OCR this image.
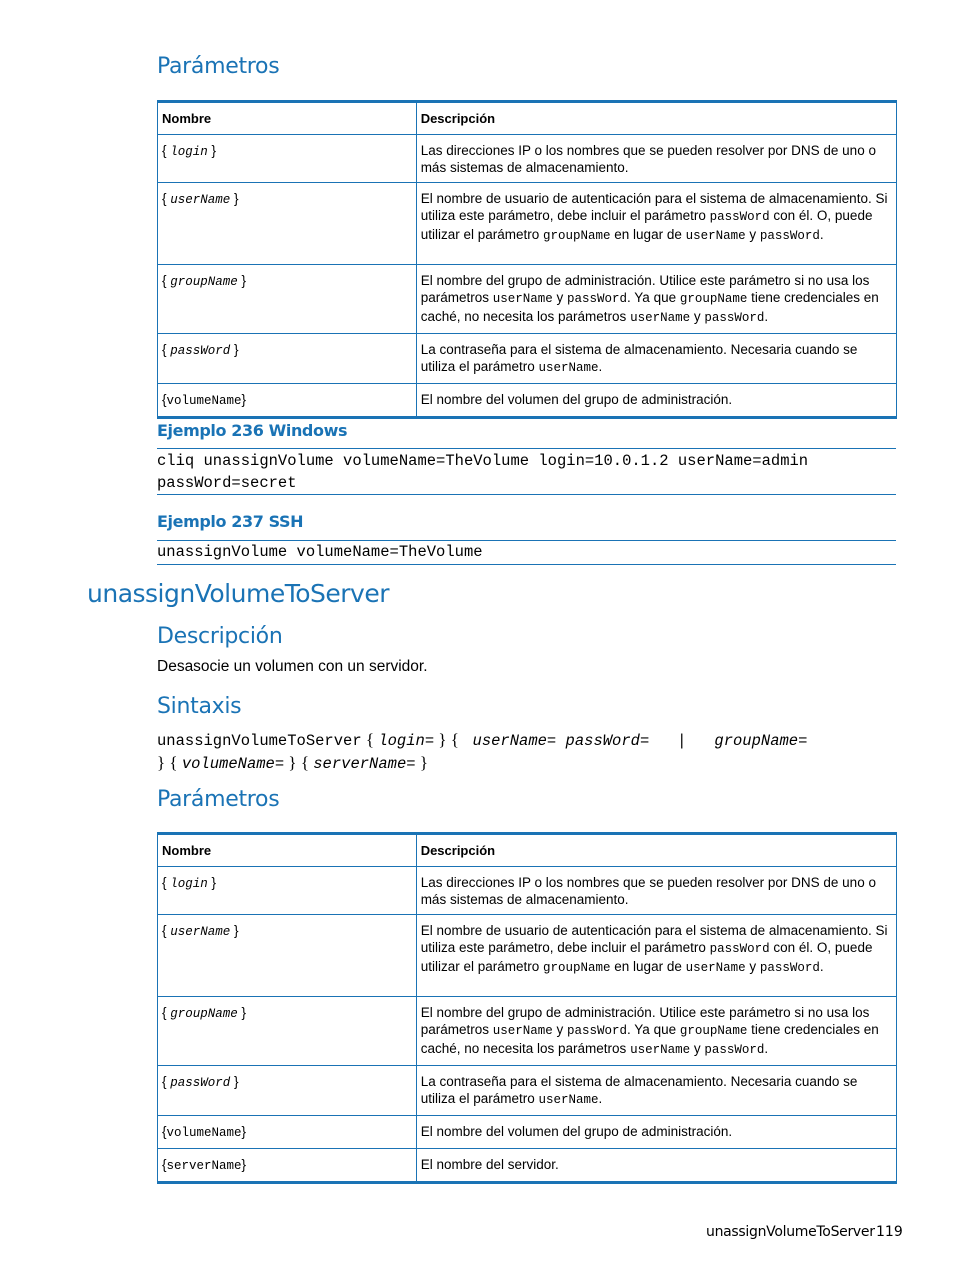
Parámetros
Nombre	Descripción
{ login }	Las direcciones IP o los nombres que se pueden resolver por DNS de uno o más sistemas de almacenamiento.
{ userName }	El nombre de usuario de autenticación para el sistema de almacenamiento. Si utiliza este parámetro, debe incluir el parámetro passWord con él. O, puede utilizar el parámetro groupName en lugar de userName y passWord.
{ groupName }	El nombre del grupo de administración. Utilice este parámetro si no usa los parámetros userName y passWord. Ya que groupName tiene credenciales en caché, no necesita los parámetros userName y passWord.
{ passWord }	La contraseña para el sistema de almacenamiento. Necesaria cuando se utiliza el parámetro userName.
{volumeName}	El nombre del volumen del grupo de administración.
Ejemplo 236 Windows
cliq unassignVolume volumeName=TheVolume login=10.0.1.2 userName=admin
passWord=secret
Ejemplo 237 SSH
unassignVolume volumeName=TheVolume
unassignVolumeToServer
Descripción
Desasocie un volumen con un servidor.
Sintaxis
unassignVolumeToServer { login= } {  userName= passWord= | groupName=
} { volumeName= } { serverName= }
Parámetros
Nombre	Descripción
{ login }	Las direcciones IP o los nombres que se pueden resolver por DNS de uno o más sistemas de almacenamiento.
{ userName }	El nombre de usuario de autenticación para el sistema de almacenamiento. Si utiliza este parámetro, debe incluir el parámetro passWord con él. O, puede utilizar el parámetro groupName en lugar de userName y passWord.
{ groupName }	El nombre del grupo de administración. Utilice este parámetro si no usa los parámetros userName y passWord. Ya que groupName tiene credenciales en caché, no necesita los parámetros userName y passWord.
{ passWord }	La contraseña para el sistema de almacenamiento. Necesaria cuando se utiliza el parámetro userName.
{volumeName}	El nombre del volumen del grupo de administración.
{serverName}	El nombre del servidor.
unassignVolumeToServer 119
